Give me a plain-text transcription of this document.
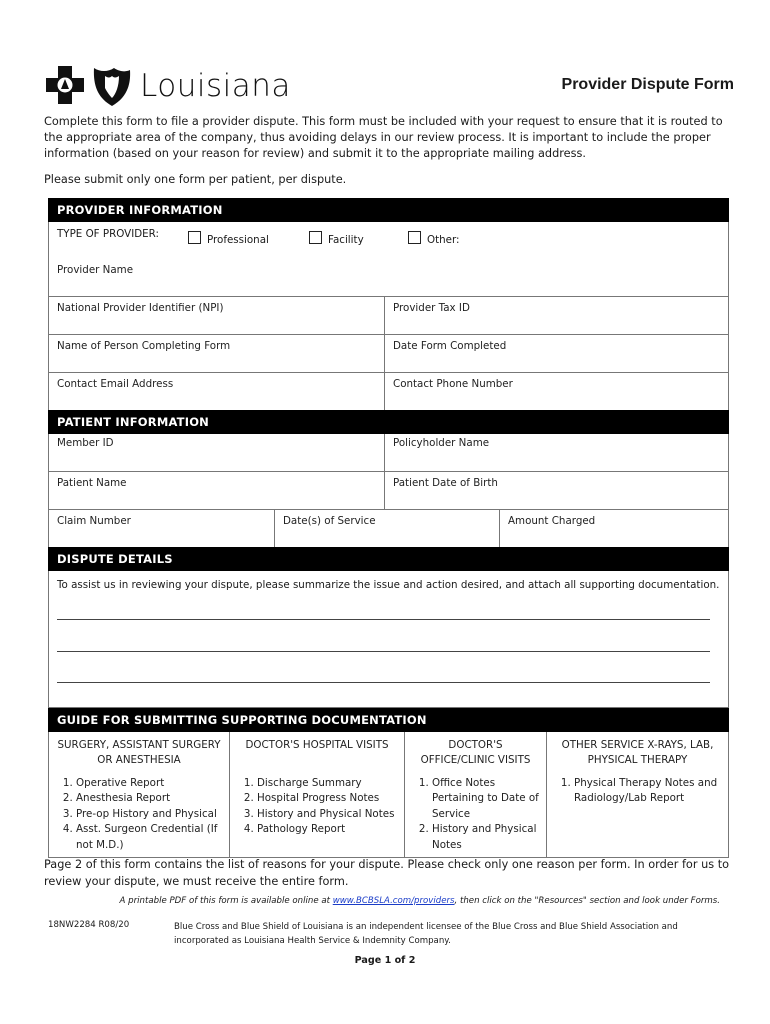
Louisiana	Provider Dispute Form

Complete this form to file a provider dispute. This form must be included with your request to ensure that it is routed to the appropriate area of the company, thus avoiding delays in our review process. It is important to include the proper information (based on your reason for review) and submit it to the appropriate mailing address.

Please submit only one form per patient, per dispute.

PROVIDER INFORMATION
TYPE OF PROVIDER:	Professional	Facility	Other:
Provider Name
National Provider Identifier (NPI)	Provider Tax ID
Name of Person Completing Form	Date Form Completed
Contact Email Address	Contact Phone Number
PATIENT INFORMATION
Member ID	Policyholder Name
Patient Name	Patient Date of Birth
Claim Number	Date(s) of Service	Amount Charged
DISPUTE DETAILS
To assist us in reviewing your dispute, please summarize the issue and action desired, and attach all supporting documentation.
GUIDE FOR SUBMITTING SUPPORTING DOCUMENTATION
SURGERY, ASSISTANT SURGERY OR ANESTHESIA
1. Operative Report
2. Anesthesia Report
3. Pre-op History and Physical
4. Asst. Surgeon Credential (If not M.D.)
DOCTOR'S HOSPITAL VISITS
1. Discharge Summary
2. Hospital Progress Notes
3. History and Physical Notes
4. Pathology Report
DOCTOR'S OFFICE/CLINIC VISITS
1. Office Notes Pertaining to Date of Service
2. History and Physical Notes
OTHER SERVICE X-RAYS, LAB, PHYSICAL THERAPY
1. Physical Therapy Notes and Radiology/Lab Report
Page 2 of this form contains the list of reasons for your dispute. Please check only one reason per form. In order for us to review your dispute, we must receive the entire form.
A printable PDF of this form is available online at www.BCBSLA.com/providers, then click on the "Resources" section and look under Forms.
18NW2284 R08/20	Blue Cross and Blue Shield of Louisiana is an independent licensee of the Blue Cross and Blue Shield Association and incorporated as Louisiana Health Service & Indemnity Company.
Page 1 of 2
